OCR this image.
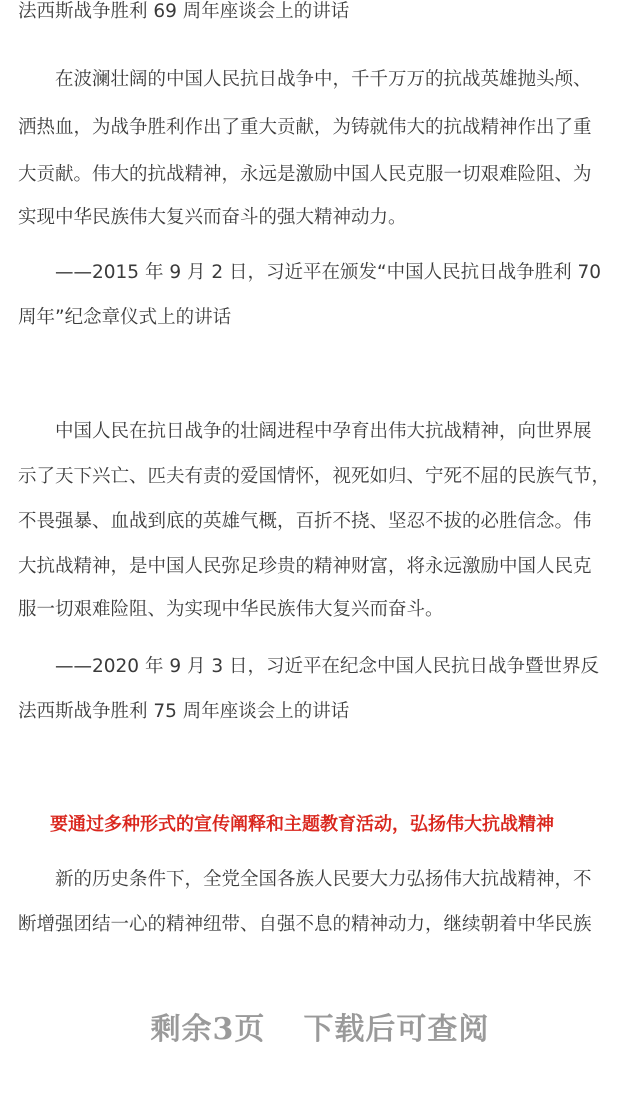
法西斯战争胜利 69 周年座谈会上的讲话
　　在波澜壮阔的中国人民抗日战争中，千千万万的抗战英雄抛头颅、
洒热血，为战争胜利作出了重大贡献，为铸就伟大的抗战精神作出了重
大贡献。伟大的抗战精神，永远是激励中国人民克服一切艰难险阻、为
实现中华民族伟大复兴而奋斗的强大精神动力。
　　——2015 年 9 月 2 日，习近平在颁发“中国人民抗日战争胜利 70
周年”纪念章仪式上的讲话
　　中国人民在抗日战争的壮阔进程中孕育出伟大抗战精神，向世界展
示了天下兴亡、匹夫有责的爱国情怀，视死如归、宁死不屈的民族气节，
不畏强暴、血战到底的英雄气概，百折不挠、坚忍不拔的必胜信念。伟
大抗战精神，是中国人民弥足珍贵的精神财富，将永远激励中国人民克
服一切艰难险阻、为实现中华民族伟大复兴而奋斗。
　　——2020 年 9 月 3 日，习近平在纪念中国人民抗日战争暨世界反
法西斯战争胜利 75 周年座谈会上的讲话
要通过多种形式的宣传阐释和主题教育活动，弘扬伟大抗战精神
　　新的历史条件下，全党全国各族人民要大力弘扬伟大抗战精神，不
断增强团结一心的精神纽带、自强不息的精神动力，继续朝着中华民族
剩余3页 下载后可查阅
